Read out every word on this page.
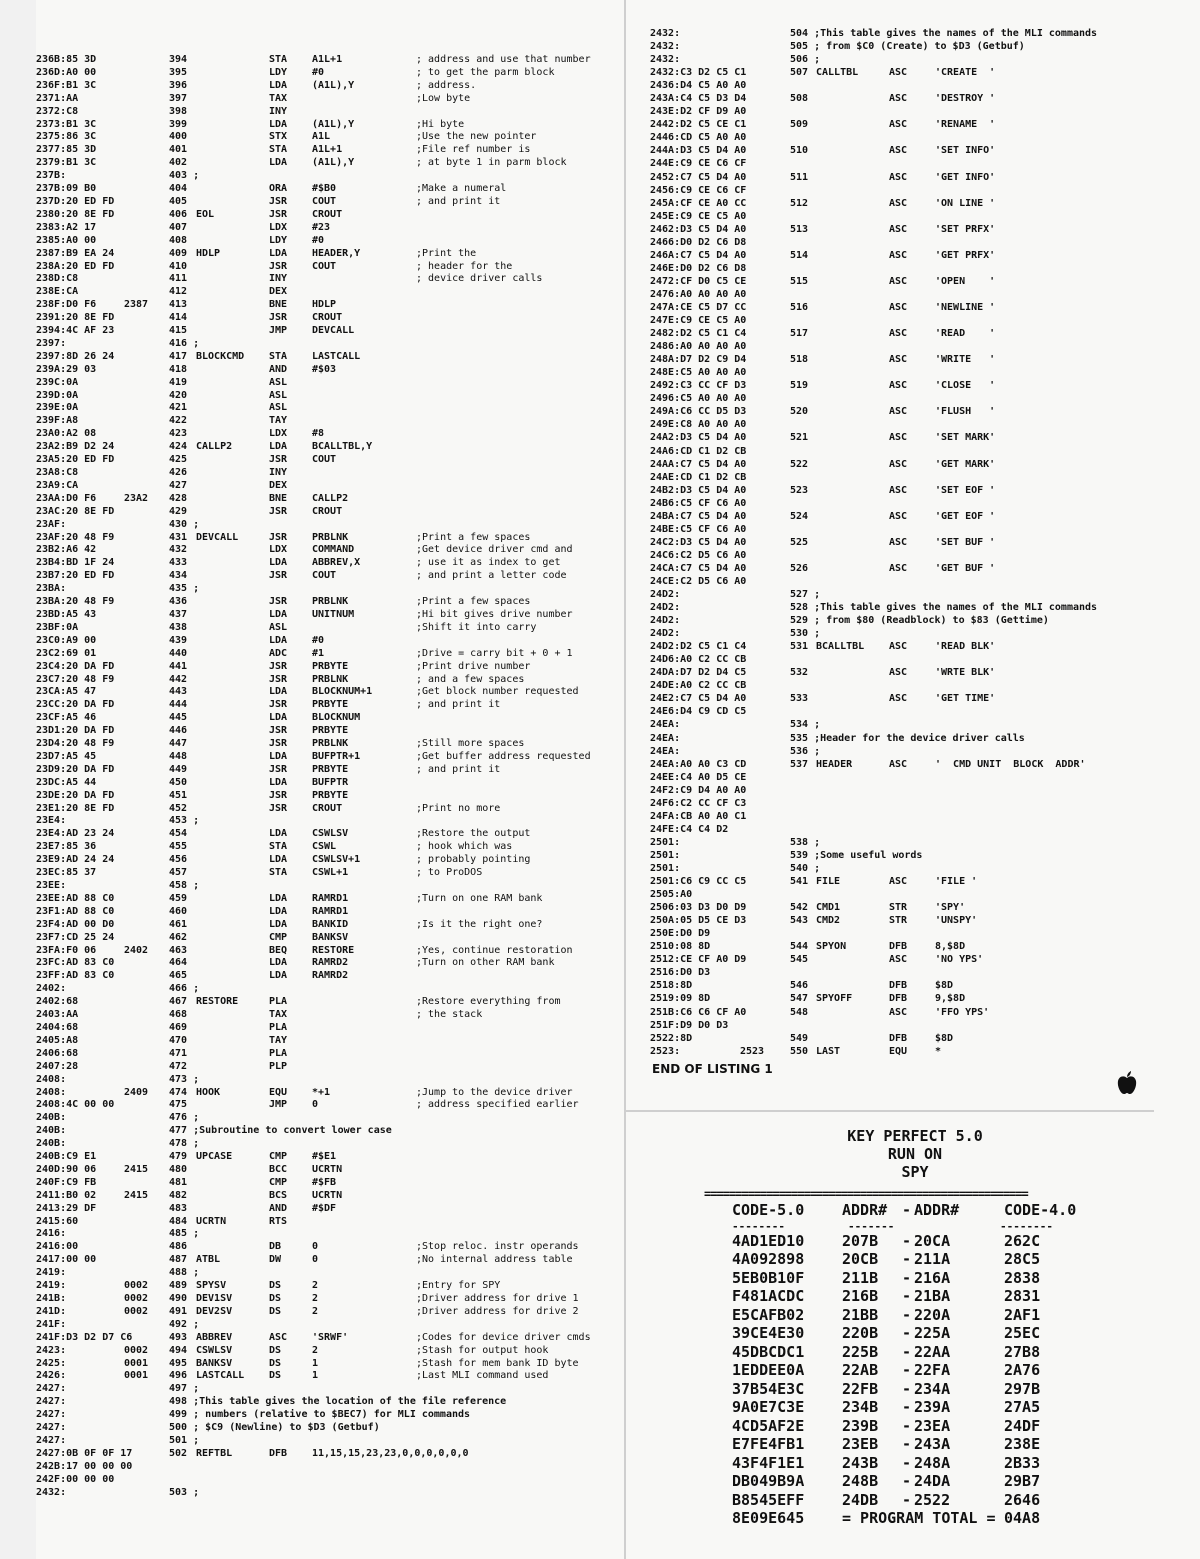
236B:85 3D	394	STA A1L+1	; address and use that number
236D:A0 00	395	LDY #0	; to get the parm block
236F:B1 3C	396	LDA (A1L),Y	; address.
2371:AA	397	TAX	;Low byte
2372:C8	398	INY
2373:B1 3C	399	LDA (A1L),Y	;Hi byte
2375:86 3C	400	STX A1L	;Use the new pointer
2377:85 3D	401	STA A1L+1	;File ref number is
2379:B1 3C	402	LDA (A1L),Y	; at byte 1 in parm block
237B:	403 ;
237B:09 B0	404	ORA #$B0	;Make a numeral
237D:20 ED FD	405	JSR COUT	; and print it
2380:20 8E FD	406 EOL	JSR CROUT
2383:A2 17	407	LDX #23
2385:A0 00	408	LDY #0
2387:B9 EA 24	409 HDLP	LDA HEADER,Y	;Print the
238A:20 ED FD	410	JSR COUT	; header for the
238D:C8	411	INY	; device driver calls
238E:CA	412	DEX
238F:D0 F6	2387 413	BNE HDLP
2391:20 8E FD	414	JSR CROUT
2394:4C AF 23	415	JMP DEVCALL
2397:	416 ;
2397:8D 26 24	417 BLOCKCMD STA LASTCALL
239A:29 03	418	AND #$03
239C:0A	419	ASL
239D:0A	420	ASL
239E:0A	421	ASL
239F:A8	422	TAY
23A0:A2 08	423	LDX #8
23A2:B9 D2 24	424 CALLP2	LDA BCALLTBL,Y
23A5:20 ED FD	425	JSR COUT
23A8:C8	426	INY
23A9:CA	427	DEX
23AA:D0 F6	23A2 428	BNE CALLP2
23AC:20 8E FD	429	JSR CROUT
23AF:	430 ;
23AF:20 48 F9	431 DEVCALL	JSR PRBLNK	;Print a few spaces
23B2:A6 42	432	LDX COMMAND	;Get device driver cmd and
23B4:BD 1F 24	433	LDA ABBREV,X	; use it as index to get
23B7:20 ED FD	434	JSR COUT	; and print a letter code
23BA:	435 ;
23BA:20 48 F9	436	JSR PRBLNK	;Print a few spaces
23BD:A5 43	437	LDA UNITNUM	;Hi bit gives drive number
23BF:0A	438	ASL	;Shift it into carry
23C0:A9 00	439	LDA #0
23C2:69 01	440	ADC #1	;Drive = carry bit + 0 + 1
23C4:20 DA FD	441	JSR PRBYTE	;Print drive number
23C7:20 48 F9	442	JSR PRBLNK	; and a few spaces
23CA:A5 47	443	LDA BLOCKNUM+1	;Get block number requested
23CC:20 DA FD	444	JSR PRBYTE	; and print it
23CF:A5 46	445	LDA BLOCKNUM
23D1:20 DA FD	446	JSR PRBYTE
23D4:20 48 F9	447	JSR PRBLNK	;Still more spaces
23D7:A5 45	448	LDA BUFPTR+1	;Get buffer address requested
23D9:20 DA FD	449	JSR PRBYTE	; and print it
23DC:A5 44	450	LDA BUFPTR
23DE:20 DA FD	451	JSR PRBYTE
23E1:20 8E FD	452	JSR CROUT	;Print no more
23E4:	453 ;
23E4:AD 23 24	454	LDA CSWLSV	;Restore the output
23E7:85 36	455	STA CSWL	; hook which was
23E9:AD 24 24	456	LDA CSWLSV+1	; probably pointing
23EC:85 37	457	STA CSWL+1	; to ProDOS
23EE:	458 ;
23EE:AD 88 C0	459	LDA RAMRD1	;Turn on one RAM bank
23F1:AD 88 C0	460	LDA RAMRD1
23F4:AD 00 D0	461	LDA BANKID	;Is it the right one?
23F7:CD 25 24	462	CMP BANKSV
23FA:F0 06	2402 463	BEQ RESTORE	;Yes, continue restoration
23FC:AD 83 C0	464	LDA RAMRD2	;Turn on other RAM bank
23FF:AD 83 C0	465	LDA RAMRD2
2402:	466 ;
2402:68	467 RESTORE	PLA	;Restore everything from
2403:AA	468	TAX	; the stack
2404:68	469	PLA
2405:A8	470	TAY
2406:68	471	PLA
2407:28	472	PLP
2408:	473 ;
2408:	2409 474 HOOK	EQU *+1	;Jump to the device driver
2408:4C 00 00	475	JMP 0	; address specified earlier
240B:	476 ;
240B:	477 ;Subroutine to convert lower case
240B:	478 ;
240B:C9 E1	479 UPCASE	CMP #$E1
240D:90 06	2415 480	BCC UCRTN
240F:C9 FB	481	CMP #$FB
2411:B0 02	2415 482	BCS UCRTN
2413:29 DF	483	AND #$DF
2415:60	484 UCRTN	RTS
2416:	485 ;
2416:00	486	DB	0	;Stop reloc. instr operands
2417:00 00	487 ATBL	DW	0	;No internal address table
2419:	488 ;
2419:	0002 489 SPYSV	DS	2	;Entry for SPY
241B:	0002 490 DEV1SV	DS	2	;Driver address for drive 1
241D:	0002 491 DEV2SV	DS	2	;Driver address for drive 2
241F:	492 ;
241F:D3 D2 D7 C6	493 ABBREV	ASC 'SRWF'	;Codes for device driver cmds
2423:	0002 494 CSWLSV	DS	2	;Stash for output hook
2425:	0001 495 BANKSV	DS	1	;Stash for mem bank ID byte
2426:	0001 496 LASTCALL DS	1	;Last MLI command used
2427:	497 ;
2427:	498 ;This table gives the location of the file reference
2427:	499 ; numbers (relative to $BEC7) for MLI commands
2427:	500 ; $C9 (Newline) to $D3 (Getbuf)
2427:	501 ;
2427:0B 0F 0F 17	502 REFTBL	DFB 11,15,15,23,23,0,0,0,0,0,0
242B:17 00 00 00
242F:00 00 00
2432:	503 ;
2432:	504 ;This table gives the names of the MLI commands
2432:	505 ; from $C0 (Create) to $D3 (Getbuf)
2432:	506 ;
2432:C3 D2 C5 C1	507 CALLTBL	ASC	'CREATE  '
2436:D4 C5 A0 A0
243A:C4 C5 D3 D4	508	ASC	'DESTROY '
243E:D2 CF D9 A0
2442:D2 C5 CE C1	509	ASC	'RENAME  '
2446:CD C5 A0 A0
244A:D3 C5 D4 A0	510	ASC	'SET INFO'
244E:C9 CE C6 CF
2452:C7 C5 D4 A0	511	ASC	'GET INFO'
2456:C9 CE C6 CF
245A:CF CE A0 CC	512	ASC	'ON LINE '
245E:C9 CE C5 A0
2462:D3 C5 D4 A0	513	ASC	'SET PRFX'
2466:D0 D2 C6 D8
246A:C7 C5 D4 A0	514	ASC	'GET PRFX'
246E:D0 D2 C6 D8
2472:CF D0 C5 CE	515	ASC	'OPEN    '
2476:A0 A0 A0 A0
247A:CE C5 D7 CC	516	ASC	'NEWLINE '
247E:C9 CE C5 A0
2482:D2 C5 C1 C4	517	ASC	'READ    '
2486:A0 A0 A0 A0
248A:D7 D2 C9 D4	518	ASC	'WRITE   '
248E:C5 A0 A0 A0
2492:C3 CC CF D3	519	ASC	'CLOSE   '
2496:C5 A0 A0 A0
249A:C6 CC D5 D3	520	ASC	'FLUSH   '
249E:C8 A0 A0 A0
24A2:D3 C5 D4 A0	521	ASC	'SET MARK'
24A6:CD C1 D2 CB
24AA:C7 C5 D4 A0	522	ASC	'GET MARK'
24AE:CD C1 D2 CB
24B2:D3 C5 D4 A0	523	ASC	'SET EOF '
24B6:C5 CF C6 A0
24BA:C7 C5 D4 A0	524	ASC	'GET EOF '
24BE:C5 CF C6 A0
24C2:D3 C5 D4 A0	525	ASC	'SET BUF '
24C6:C2 D5 C6 A0
24CA:C7 C5 D4 A0	526	ASC	'GET BUF '
24CE:C2 D5 C6 A0
24D2:	527 ;
24D2:	528 ;This table gives the names of the MLI commands
24D2:	529 ; from $80 (Readblock) to $83 (Gettime)
24D2:	530 ;
24D2:D2 C5 C1 C4	531 BCALLTBL ASC	'READ BLK'
24D6:A0 C2 CC CB
24DA:D7 D2 D4 C5	532	ASC	'WRTE BLK'
24DE:A0 C2 CC CB
24E2:C7 C5 D4 A0	533	ASC	'GET TIME'
24E6:D4 C9 CD C5
24EA:	534 ;
24EA:	535 ;Header for the device driver calls
24EA:	536 ;
24EA:A0 A0 C3 CD	537 HEADER	ASC	'  CMD UNIT  BLOCK  ADDR'
24EE:C4 A0 D5 CE
24F2:C9 D4 A0 A0
24F6:C2 CC CF C3
24FA:CB A0 A0 C1
24FE:C4 C4 D2
2501:	538 ;
2501:	539 ;Some useful words
2501:	540 ;
2501:C6 C9 CC C5	541 FILE	ASC	'FILE '
2505:A0
2506:03 D3 D0 D9	542 CMD1	STR	'SPY'
250A:05 D5 CE D3	543 CMD2	STR	'UNSPY'
250E:D0 D9
2510:08 8D	544 SPYON	DFB	8,$8D
2512:CE CF A0 D9	545	ASC	'NO YPS'
2516:D0 D3
2518:8D	546	DFB	$8D
2519:09 8D	547 SPYOFF	DFB	9,$8D
251B:C6 C6 CF A0	548	ASC	'FFO YPS'
251F:D9 D0 D3
2522:8D	549	DFB	$8D
2523:	2523	550 LAST	EQU	*
END OF LISTING 1
KEY PERFECT 5.0
RUN ON
SPY
====================================================
CODE-5.0	ADDR# - ADDR#	CODE-4.0
--------	-------	--------
4AD1ED10	207B - 20CA	262C
4A092898	20CB - 211A	28C5
5EB0B10F	211B - 216A	2838
F481ACDC	216B - 21BA	2831
E5CAFB02	21BB - 220A	2AF1
39CE4E30	220B - 225A	25EC
45DBCDC1	225B - 22AA	27B8
1EDDEE0A	22AB - 22FA	2A76
37B54E3C	22FB - 234A	297B
9A0E7C3E	234B - 239A	27A5
4CD5AF2E	239B - 23EA	24DF
E7FE4FB1	23EB - 243A	238E
43F4F1E1	243B - 248A	2B33
DB049B9A	248B - 24DA	29B7
B8545EFF	24DB - 2522	2646
8E09E645	= PROGRAM TOTAL = 04A8
